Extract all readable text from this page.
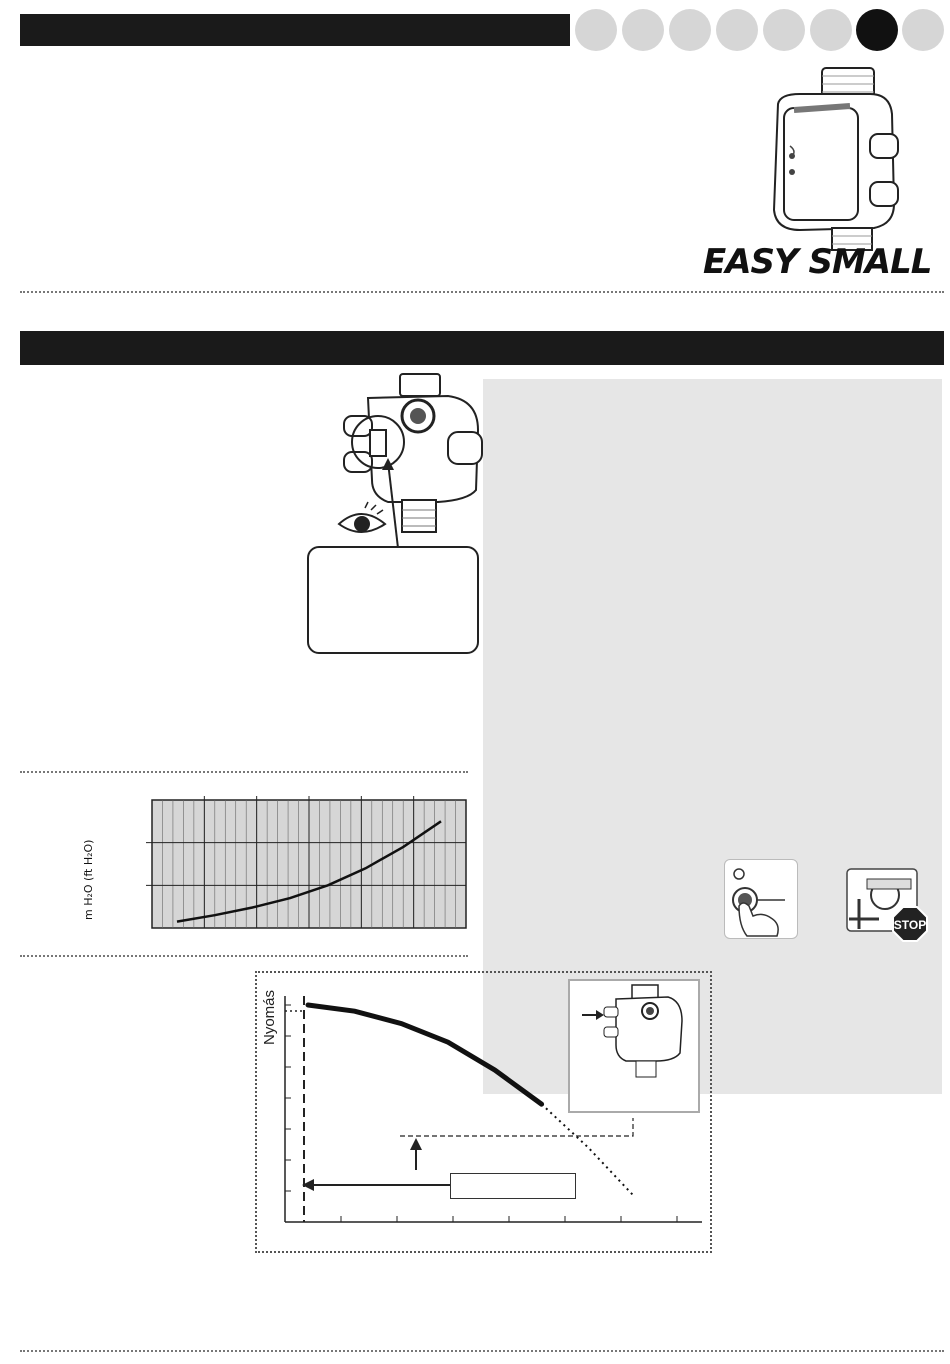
EASY SMALL
m H₂O (ft H₂O)
STOP
Nyomás
